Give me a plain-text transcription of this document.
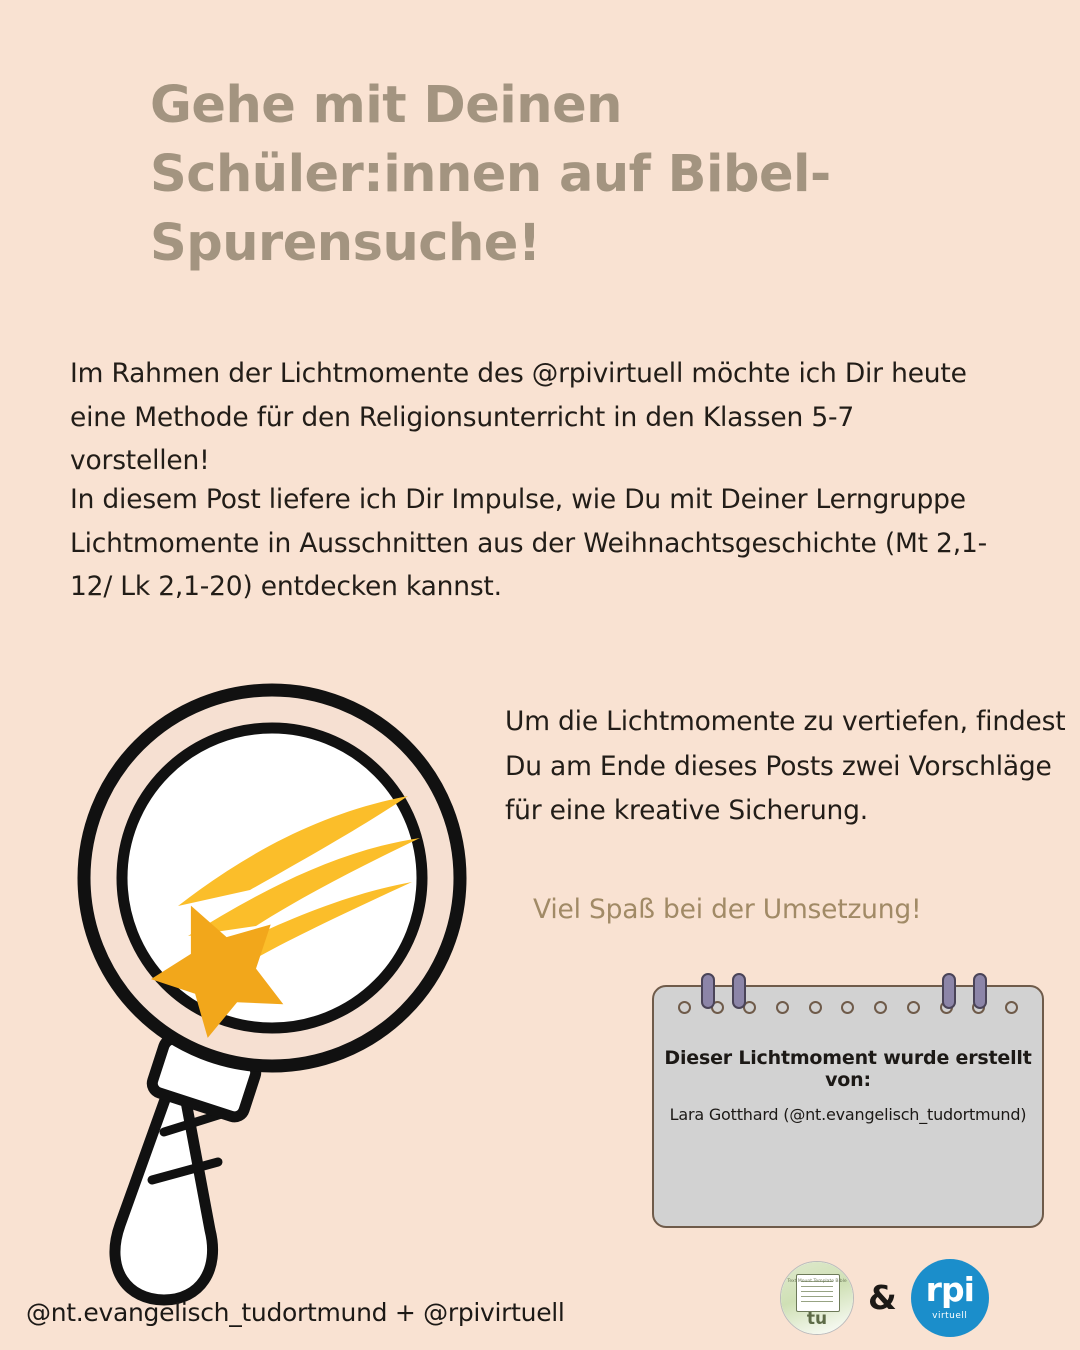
Gehe mit Deinen Schüler:innen auf Bibel-Spurensuche!
Im Rahmen der Lichtmomente des @rpivirtuell möchte ich Dir heute eine Methode für den Religionsunterricht in den Klassen 5-7 vorstellen!
In diesem Post liefere ich Dir Impulse, wie Du mit Deiner Lerngruppe Lichtmomente in Ausschnitten aus der Weihnachtsgeschichte (Mt 2,1-12/ Lk 2,1-20) entdecken kannst.
Um die Lichtmomente zu vertiefen, findest Du am Ende dieses Posts zwei Vorschläge für eine kreative Sicherung.
Viel Spaß bei der Umsetzung!
Dieser Lichtmoment wurde erstellt von:
Lara Gotthard (@nt.evangelisch_tudortmund)
@nt.evangelisch_tudortmund + @rpivirtuell
Text Mount Template Bible
tu
& rpi
virtuell
